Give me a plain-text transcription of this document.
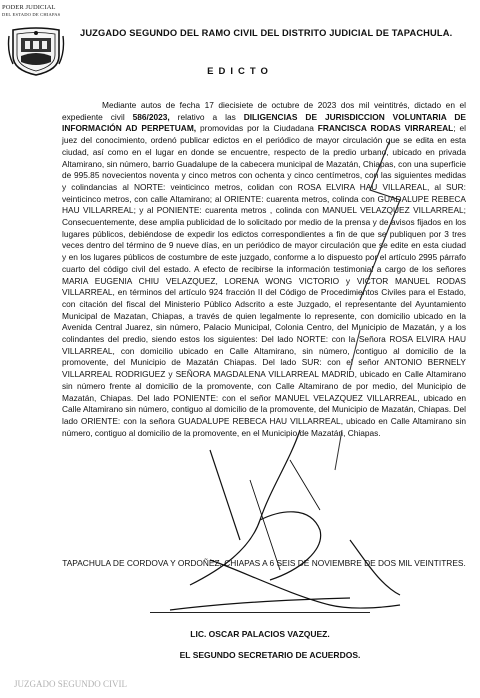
PODER JUDICIAL
DEL ESTADO DE CHIAPAS
JUZGADO SEGUNDO DEL RAMO CIVIL DEL DISTRITO JUDICIAL DE TAPACHULA.
EDICTO
Mediante autos de fecha 17 diecisiete de octubre de 2023 dos mil veintitrés, dictado en el expediente civil 586/2023, relativo a las DILIGENCIAS DE JURISDICCION VOLUNTARIA DE INFORMACIÓN AD PERPETUAM, promovidas por la Ciudadana FRANCISCA RODAS VIRRAREAL; el juez del conocimiento, ordenó publicar edictos en el periódico de mayor circulación que se edita en esta ciudad, así como en el lugar en donde se encuentre, respecto de la predio urbano, ubicado en privada Altamirano, sin número, barrio Guadalupe de la cabecera municipal de Mazatán, Chiapas, con una superficie de 995.85 novecientos noventa y cinco metros con ochenta y cinco centímetros, con las siguientes medidas y colindancias al NORTE: veinticinco metros, colidan con ROSA ELVIRA HAU VILLAREAL, al SUR: veinticinco metros, con calle Altamirano; al ORIENTE: cuarenta metros, colinda con GUADALUPE REBECA HAU VILLARREAL; y al PONIENTE: cuarenta metros , colinda con MANUEL VELAZQUEZ VILLARREAL; Consecuentemente, dese amplia publicidad de lo solicitado por medio de la prensa y de avisos fijados en los lugares públicos, debiéndose de expedir los edictos correspondientes a fin de que se publiquen por 3 tres veces dentro del término de 9 nueve días, en un periódico de mayor circulación que se edite en esta ciudad y en los lugares públicos de costumbre de este juzgado, conforme a lo dispuesto por el artículo 2995 párrafo cuarto del código civil del estado. A efecto de recibirse la información testimonial a cargo de los señores MARIA EUGENIA CHIU VELAZQUEZ, LORENA WONG VICTORIO y VICTOR MANUEL RODAS VILLARREAL, en términos del artículo 924 fracción II del Código de Procedimientos Civiles para el Estado, con citación del fiscal del Ministerio Público Adscrito a este Juzgado, el representante del Ayuntamiento Municipal de Mazatan, Chiapas, a través de quien legalmente lo represente, con domicilio ubicado en la Avenida Central Juarez, sin número, Palacio Municipal, Colonia Centro, del Municipio de Mazatán, y a los colindantes del predio, siendo estos los siguientes: Del lado NORTE: con la Señora ROSA ELVIRA HAU VILLARREAL, con domicilio ubicado en Calle Altamirano, sin número, contiguo al domicilio de la promovente, del Municipio de Mazatán Chiapas. Del lado SUR: con el señor ANTONIO BERNELY VILLARREAL RODRIGUEZ y SEÑORA MAGDALENA VILLARREAL MADRID, ubicado en Calle Altamirano sin número frente al domicilio de la promovente, con Calle Altamirano de por medio, del Municipio de Mazatán, Chiapas. Del lado PONIENTE: con el señor MANUEL VELAZQUEZ VILLARREAL, ubicado en Calle Altamirano sin número, contiguo al domicilio de la promovente, del Municipio de Mazatán, Chiapas. Del lado ORIENTE: con la señora GUADALUPE REBECA HAU VILLARREAL, ubicado en Calle Altamirano sin número, contiguo al domicilio de la promovente, en el Municipio de Mazatán, Chiapas.
TAPACHULA DE CORDOVA Y ORDOÑEZ, CHIAPAS A 6 SEIS DE NOVIEMBRE DE DOS MIL VEINTITRES.
LIC. OSCAR PALACIOS VAZQUEZ.
EL SEGUNDO SECRETARIO DE ACUERDOS.
JUZGADO SEGUNDO CIVIL
